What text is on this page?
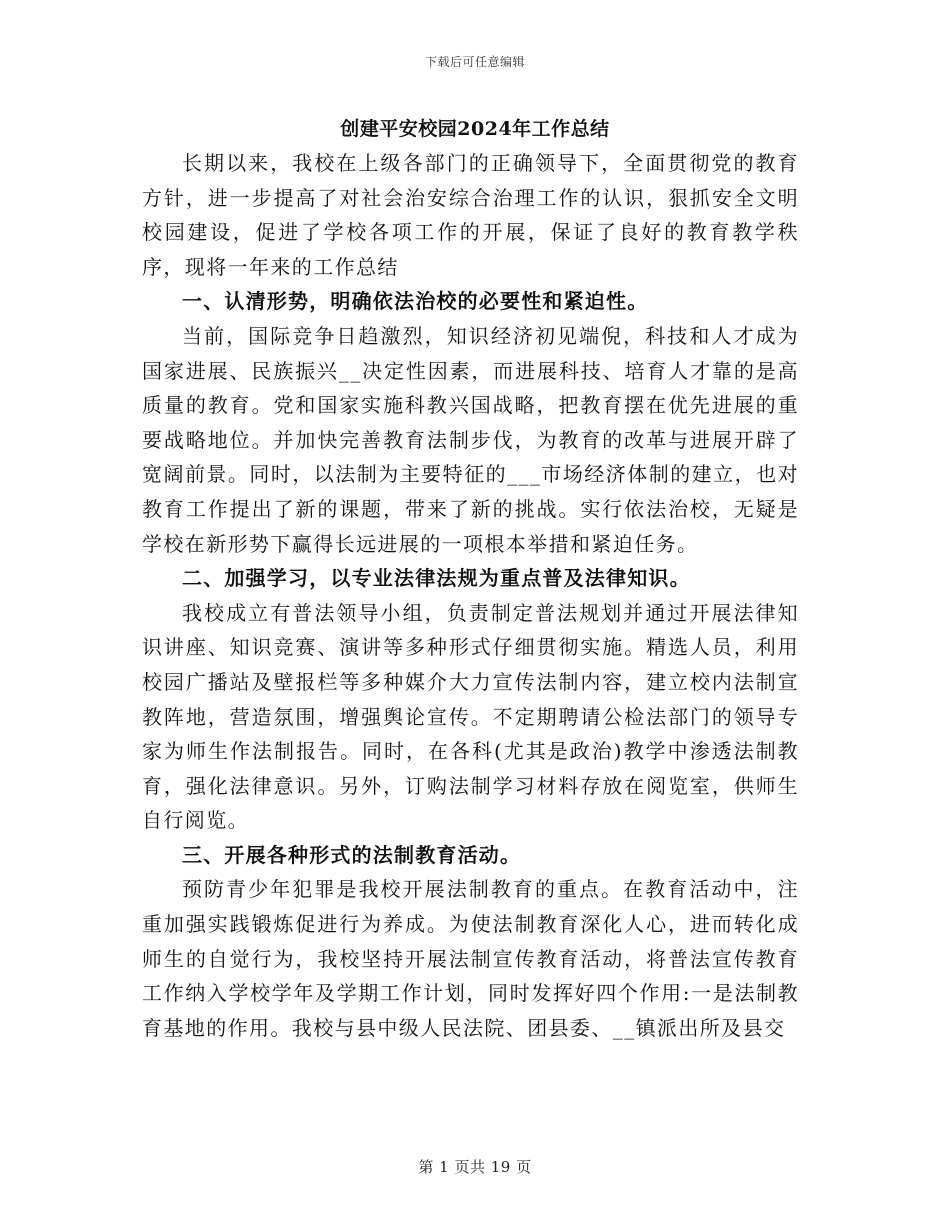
下载后可任意编辑
创建平安校园2024年工作总结

长期以来，我校在上级各部门的正确领导下，全面贯彻党的教育方针，进一步提高了对社会治安综合治理工作的认识，狠抓安全文明校园建设，促进了学校各项工作的开展，保证了良好的教育教学秩序，现将一年来的工作总结

一、认清形势，明确依法治校的必要性和紧迫性。

当前，国际竞争日趋激烈，知识经济初见端倪，科技和人才成为国家进展、民族振兴__决定性因素，而进展科技、培育人才靠的是高质量的教育。党和国家实施科教兴国战略，把教育摆在优先进展的重要战略地位。并加快完善教育法制步伐，为教育的改革与进展开辟了宽阔前景。同时，以法制为主要特征的___市场经济体制的建立，也对教育工作提出了新的课题，带来了新的挑战。实行依法治校，无疑是学校在新形势下赢得长远进展的一项根本举措和紧迫任务。

二、加强学习，以专业法律法规为重点普及法律知识。

我校成立有普法领导小组，负责制定普法规划并通过开展法律知识讲座、知识竞赛、演讲等多种形式仔细贯彻实施。精选人员，利用校园广播站及壁报栏等多种媒介大力宣传法制内容，建立校内法制宣教阵地，营造氛围，增强舆论宣传。不定期聘请公检法部门的领导专家为师生作法制报告。同时，在各科(尤其是政治)教学中渗透法制教育，强化法律意识。另外，订购法制学习材料存放在阅览室，供师生自行阅览。

三、开展各种形式的法制教育活动。

预防青少年犯罪是我校开展法制教育的重点。在教育活动中，注重加强实践锻炼促进行为养成。为使法制教育深化人心，进而转化成师生的自觉行为，我校坚持开展法制宣传教育活动，将普法宣传教育工作纳入学校学年及学期工作计划，同时发挥好四个作用:一是法制教育基地的作用。我校与县中级人民法院、团县委、__镇派出所及县交

第 1 页共 19 页
